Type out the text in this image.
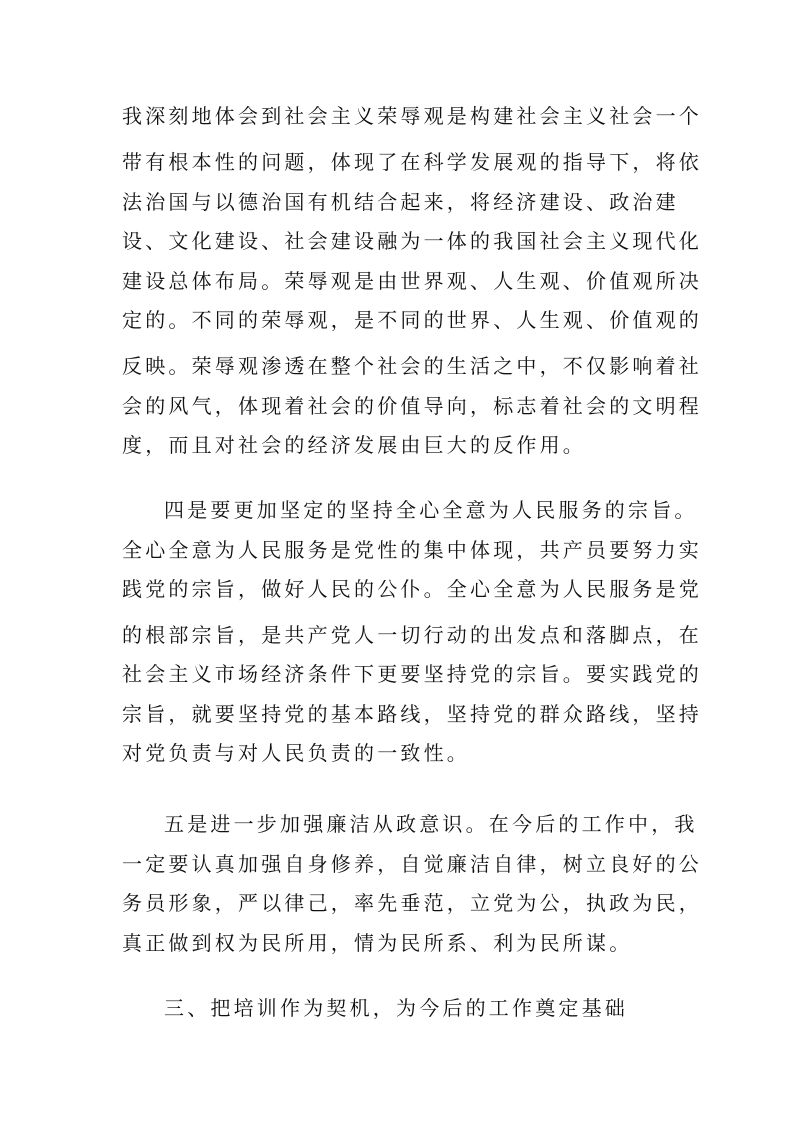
我深刻地体会到社会主义荣辱观是构建社会主义社会一个
带有根本性的问题，体现了在科学发展观的指导下，将依
法治国与以德治国有机结合起来，将经济建设、政治建
设、文化建设、社会建设融为一体的我国社会主义现代化
建设总体布局。荣辱观是由世界观、人生观、价值观所决
定的。不同的荣辱观，是不同的世界、人生观、价值观的
反映。荣辱观渗透在整个社会的生活之中，不仅影响着社
会的风气，体现着社会的价值导向，标志着社会的文明程
度，而且对社会的经济发展由巨大的反作用。
四是要更加坚定的坚持全心全意为人民服务的宗旨。
全心全意为人民服务是党性的集中体现，共产员要努力实
践党的宗旨，做好人民的公仆。全心全意为人民服务是党
的根部宗旨，是共产党人一切行动的出发点和落脚点，在
社会主义市场经济条件下更要坚持党的宗旨。要实践党的
宗旨，就要坚持党的基本路线，坚持党的群众路线，坚持
对党负责与对人民负责的一致性。
五是进一步加强廉洁从政意识。在今后的工作中，我
一定要认真加强自身修养，自觉廉洁自律，树立良好的公
务员形象，严以律己，率先垂范，立党为公，执政为民，
真正做到权为民所用，情为民所系、利为民所谋。
三、把培训作为契机，为今后的工作奠定基础
